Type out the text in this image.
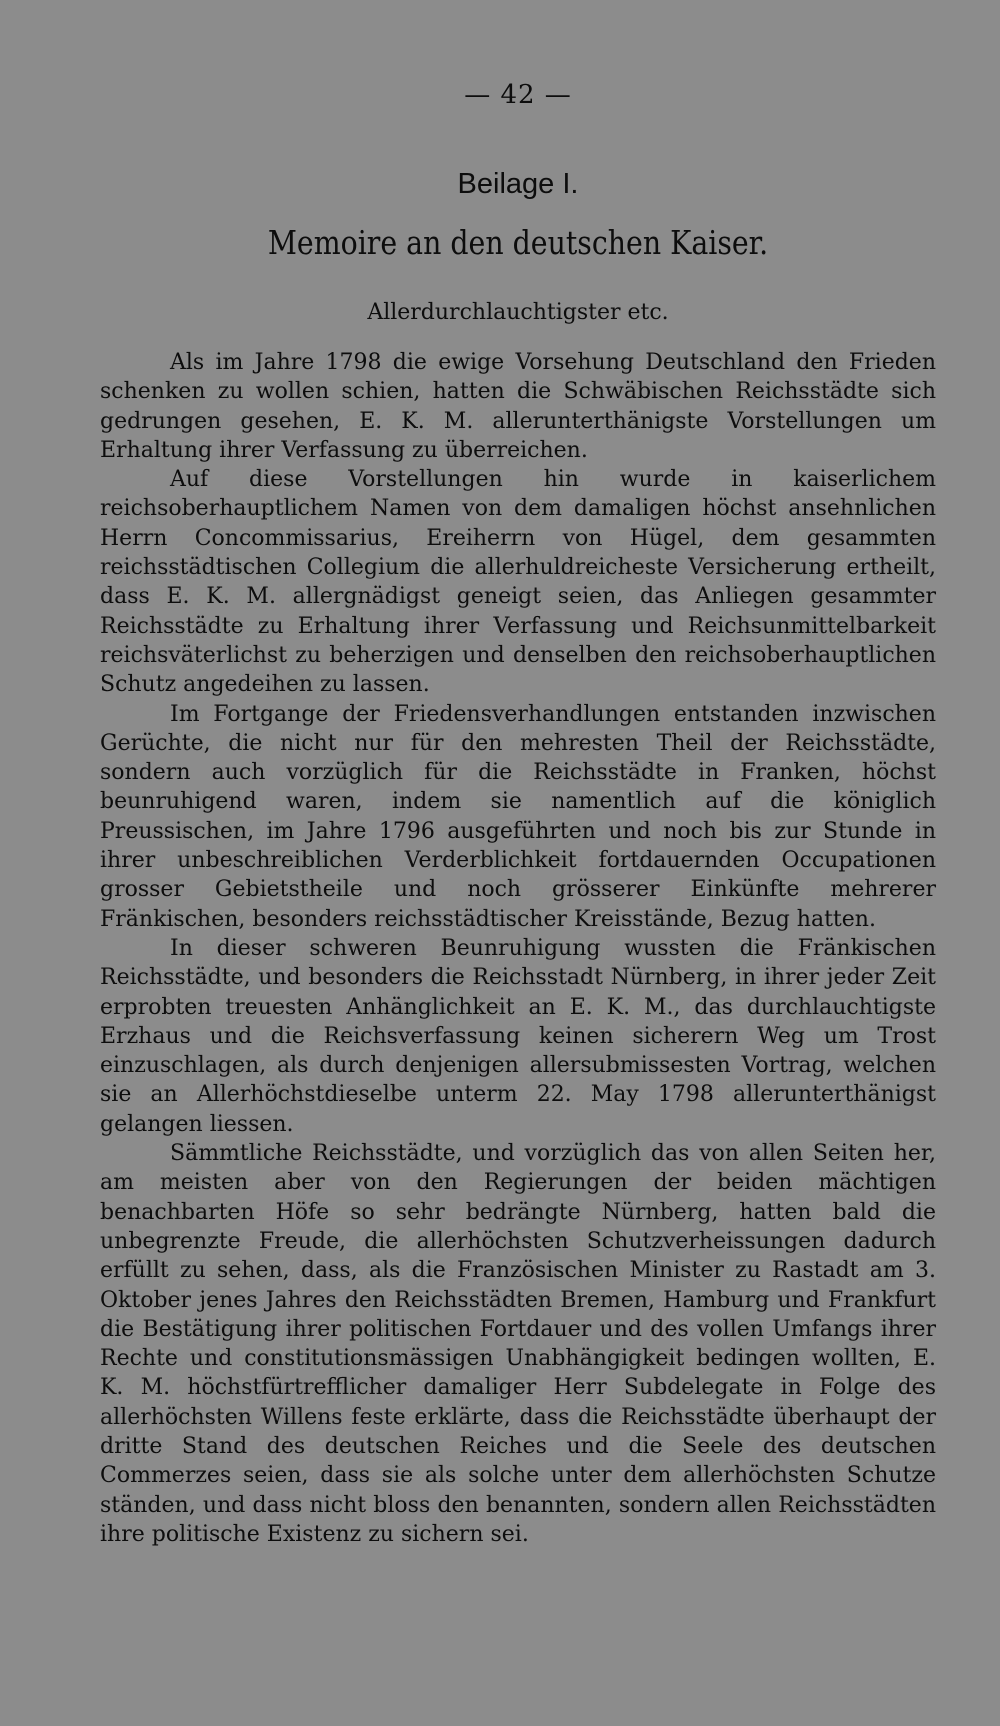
— 42 —
Beilage I.
Memoire an den deutschen Kaiser.
Allerdurchlauchtigster etc.

Als im Jahre 1798 die ewige Vorsehung Deutschland den Frieden schenken zu wollen schien, hatten die Schwäbischen Reichsstädte sich gedrungen gesehen, E. K. M. allerunterthänigste Vorstellungen um Erhaltung ihrer Verfassung zu überreichen.

Auf diese Vorstellungen hin wurde in kaiserlichem reichsoberhauptlichem Namen von dem damaligen höchst ansehnlichen Herrn Concommissarius, Ereiherrn von Hügel, dem gesammten reichsstädtischen Collegium die allerhuldreicheste Versicherung ertheilt, dass E. K. M. allergnädigst geneigt seien, das Anliegen gesammter Reichsstädte zu Erhaltung ihrer Verfassung und Reichsunmittelbarkeit reichsväterlichst zu beherzigen und denselben den reichsoberhauptlichen Schutz angedeihen zu lassen.

Im Fortgange der Friedensverhandlungen entstanden inzwischen Gerüchte, die nicht nur für den mehresten Theil der Reichsstädte, sondern auch vorzüglich für die Reichsstädte in Franken, höchst beunruhigend waren, indem sie namentlich auf die königlich Preussischen, im Jahre 1796 ausgeführten und noch bis zur Stunde in ihrer unbeschreiblichen Verderblichkeit fortdauernden Occupationen grosser Gebietstheile und noch grösserer Einkünfte mehrerer Fränkischen, besonders reichsstädtischer Kreisstände, Bezug hatten.

In dieser schweren Beunruhigung wussten die Fränkischen Reichsstädte, und besonders die Reichsstadt Nürnberg, in ihrer jeder Zeit erprobten treuesten Anhänglichkeit an E. K. M., das durchlauchtigste Erzhaus und die Reichsverfassung keinen sicherern Weg um Trost einzuschlagen, als durch denjenigen allersubmissesten Vortrag, welchen sie an Allerhöchstdieselbe unterm 22. May 1798 allerunterthänigst gelangen liessen.

Sämmtliche Reichsstädte, und vorzüglich das von allen Seiten her, am meisten aber von den Regierungen der beiden mächtigen benachbarten Höfe so sehr bedrängte Nürnberg, hatten bald die unbegrenzte Freude, die allerhöchsten Schutzverheissungen dadurch erfüllt zu sehen, dass, als die Französischen Minister zu Rastadt am 3. Oktober jenes Jahres den Reichsstädten Bremen, Hamburg und Frankfurt die Bestätigung ihrer politischen Fortdauer und des vollen Umfangs ihrer Rechte und constitutionsmässigen Unabhängigkeit bedingen wollten, E. K. M. höchstfürtrefflicher damaliger Herr Subdelegate in Folge des allerhöchsten Willens feste erklärte, dass die Reichsstädte überhaupt der dritte Stand des deutschen Reiches und die Seele des deutschen Commerzes seien, dass sie als solche unter dem allerhöchsten Schutze ständen, und dass nicht bloss den benannten, sondern allen Reichsstädten ihre politische Existenz zu sichern sei.
